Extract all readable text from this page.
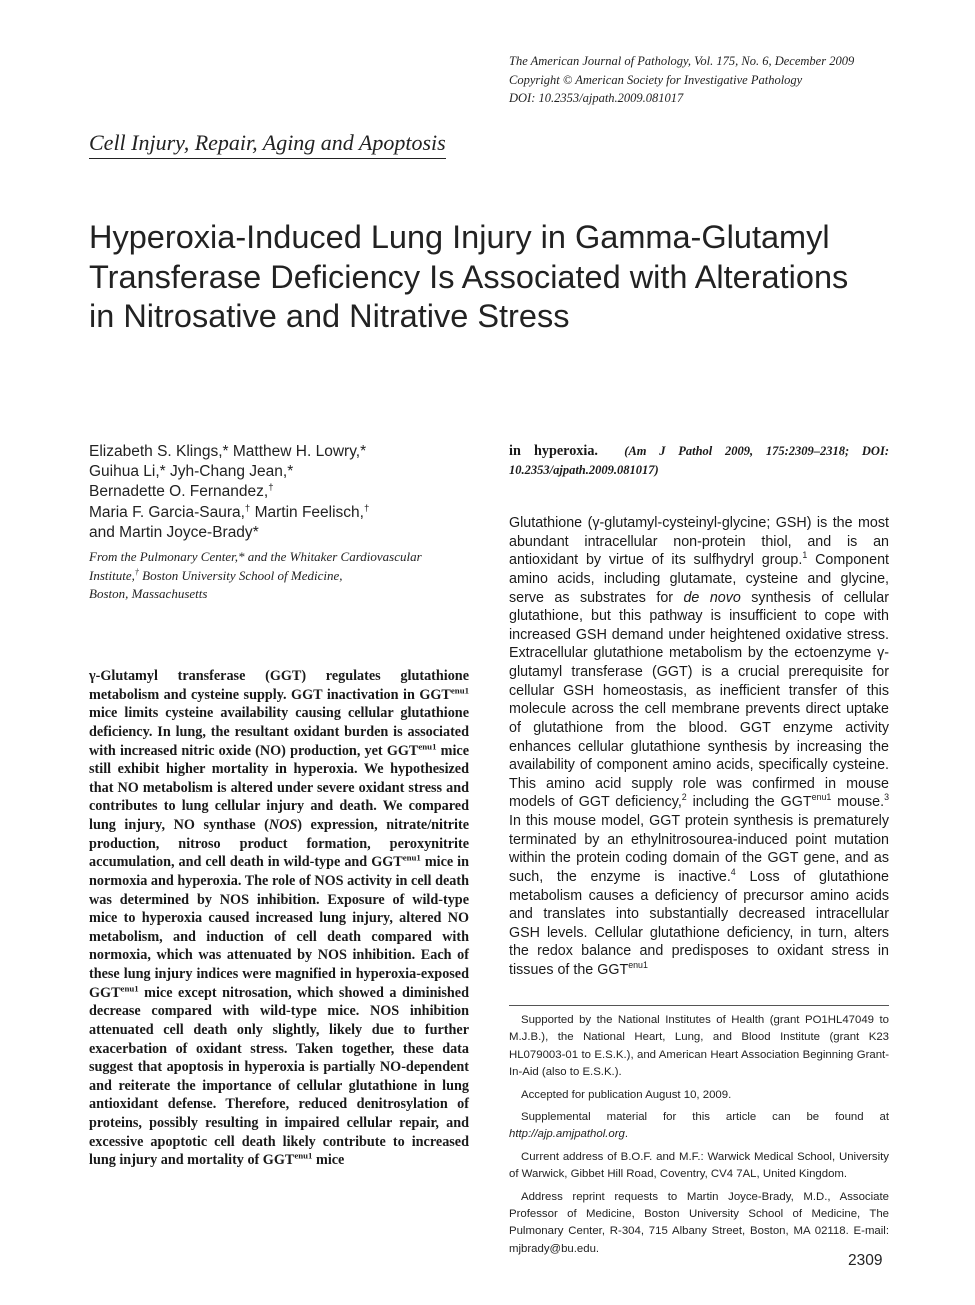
The American Journal of Pathology, Vol. 175, No. 6, December 2009
Copyright © American Society for Investigative Pathology
DOI: 10.2353/ajpath.2009.081017
Cell Injury, Repair, Aging and Apoptosis
Hyperoxia-Induced Lung Injury in Gamma-Glutamyl
Transferase Deficiency Is Associated with Alterations
in Nitrosative and Nitrative Stress
Elizabeth S. Klings,* Matthew H. Lowry,*
Guihua Li,* Jyh-Chang Jean,*
Bernadette O. Fernandez,†
Maria F. Garcia-Saura,† Martin Feelisch,†
and Martin Joyce-Brady*
From the Pulmonary Center,* and the Whitaker Cardiovascular
Institute,† Boston University School of Medicine,
Boston, Massachusetts
γ-Glutamyl transferase (GGT) regulates glutathione metabolism and cysteine supply. GGT inactivation in $GGT^{enu1}$ mice limits cysteine availability causing cellular glutathione deficiency. In lung, the resultant oxidant burden is associated with increased nitric oxide (NO) production, yet $GGT^{enu1}$ mice still exhibit higher mortality in hyperoxia. We hypothesized that NO metabolism is altered under severe oxidant stress and contributes to lung cellular injury and death. We compared lung injury, NO synthase (NOS) expression, nitrate/nitrite production, nitroso product formation, peroxynitrite accumulation, and cell death in wild-type and $GGT^{enu1}$ mice in normoxia and hyperoxia. The role of NOS activity in cell death was determined by NOS inhibition. Exposure of wild-type mice to hyperoxia caused increased lung injury, altered NO metabolism, and induction of cell death compared with normoxia, which was attenuated by NOS inhibition. Each of these lung injury indices were magnified in hyperoxia-exposed $GGT^{enu1}$ mice except nitrosation, which showed a diminished decrease compared with wild-type mice. NOS inhibition attenuated cell death only slightly, likely due to further exacerbation of oxidant stress. Taken together, these data suggest that apoptosis in hyperoxia is partially NO-dependent and reiterate the importance of cellular glutathione in lung antioxidant defense. Therefore, reduced denitrosylation of proteins, possibly resulting in impaired cellular repair, and excessive apoptotic cell death likely contribute to increased lung injury and mortality of $GGT^{enu1}$ mice
in hyperoxia. (Am J Pathol 2009, 175:2309–2318; DOI: 10.2353/ajpath.2009.081017)
Glutathione (γ-glutamyl-cysteinyl-glycine; GSH) is the most abundant intracellular non-protein thiol, and is an antioxidant by virtue of its sulfhydryl group.$^1$ Component amino acids, including glutamate, cysteine and glycine, serve as substrates for de novo synthesis of cellular glutathione, but this pathway is insufficient to cope with increased GSH demand under heightened oxidative stress. Extracellular glutathione metabolism by the ectoenzyme γ-glutamyl transferase (GGT) is a crucial prerequisite for cellular GSH homeostasis, as inefficient transfer of this molecule across the cell membrane prevents direct uptake of glutathione from the blood. GGT enzyme activity enhances cellular glutathione synthesis by increasing the availability of component amino acids, specifically cysteine. This amino acid supply role was confirmed in mouse models of GGT deficiency,$^2$ including the $GGT^{enu1}$ mouse.$^3$ In this mouse model, GGT protein synthesis is prematurely terminated by an ethylnitrosourea-induced point mutation within the protein coding domain of the GGT gene, and as such, the enzyme is inactive.$^4$ Loss of glutathione metabolism causes a deficiency of precursor amino acids and translates into substantially decreased intracellular GSH levels. Cellular glutathione deficiency, in turn, alters the redox balance and predisposes to oxidant stress in tissues of the $GGT^{enu1}$

Supported by the National Institutes of Health (grant PO1HL47049 to M.J.B.), the National Heart, Lung, and Blood Institute (grant K23 HL079003-01 to E.S.K.), and American Heart Association Beginning Grant-In-Aid (also to E.S.K.).

Accepted for publication August 10, 2009.

Supplemental material for this article can be found at http://ajp.amjpathol.org.

Current address of B.O.F. and M.F.: Warwick Medical School, University of Warwick, Gibbet Hill Road, Coventry, CV4 7AL, United Kingdom.

Address reprint requests to Martin Joyce-Brady, M.D., Associate Professor of Medicine, Boston University School of Medicine, The Pulmonary Center, R-304, 715 Albany Street, Boston, MA 02118. E-mail: mjbrady@bu.edu.

2309
